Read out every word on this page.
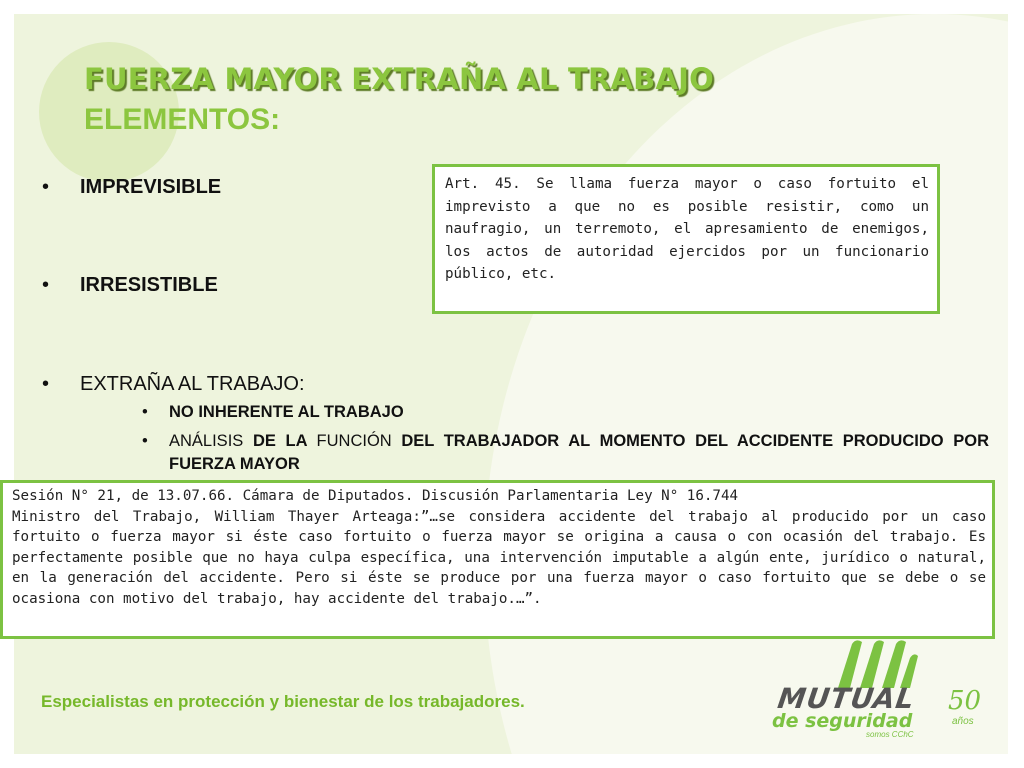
FUERZA MAYOR EXTRAÑA AL TRABAJO
ELEMENTOS:
• IMPREVISIBLE
• IRRESISTIBLE
• EXTRAÑA AL TRABAJO:
• NO INHERENTE AL TRABAJO
• ANÁLISIS DE LA FUNCIÓN DEL TRABAJADOR AL MOMENTO DEL ACCIDENTE PRODUCIDO POR FUERZA MAYOR
Art. 45. Se llama fuerza mayor o caso fortuito el imprevisto a que no es posible resistir, como un naufragio, un terremoto, el apresamiento de enemigos, los actos de autoridad ejercidos por un funcionario público, etc.
Sesión N° 21, de 13.07.66. Cámara de Diputados. Discusión Parlamentaria Ley N° 16.744
Ministro del Trabajo, William Thayer Arteaga:”…se considera accidente del trabajo al producido por un caso fortuito o fuerza mayor si éste caso fortuito o fuerza mayor se origina a causa o con ocasión del trabajo. Es perfectamente posible que no haya culpa específica, una intervención imputable a algún ente, jurídico o natural, en la generación del accidente. Pero si éste se produce por una fuerza mayor o caso fortuito que se debe o se ocasiona con motivo del trabajo, hay accidente del trabajo.…”.
Especialistas en protección y bienestar de los trabajadores.	MUTUAL
de seguridad
somos CChC
50
años
